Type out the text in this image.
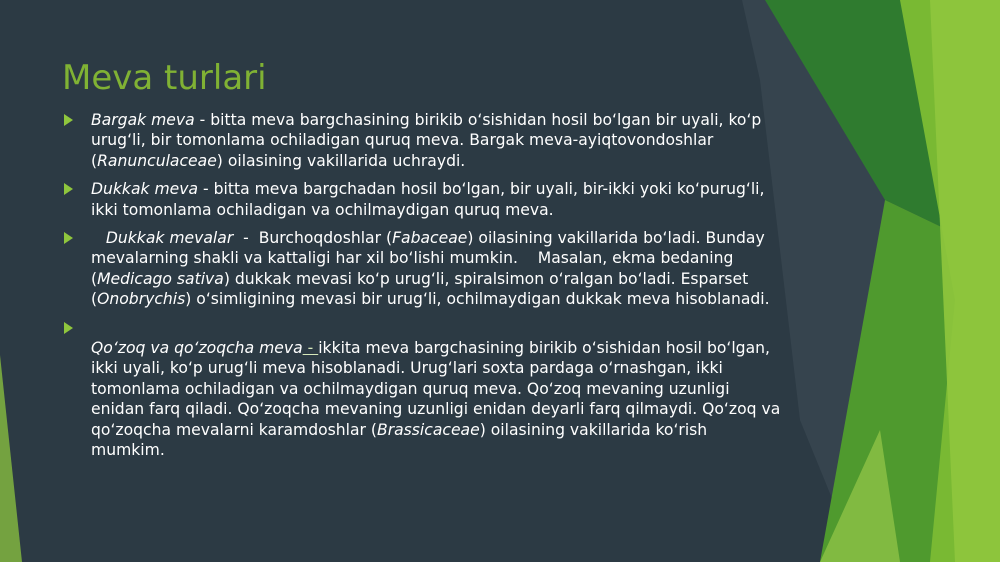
Meva turlari
Bargak meva - bitta meva bargchasining birikib o‘sishidan hosil bo‘lgan bir uyali, ko‘p urug‘li, bir tomonlama ochiladigan quruq meva. Bargak meva-ayiqtovondoshlar (Ranunculaceae) oilasining vakillarida uchraydi.
Dukkak meva - bitta meva bargchadan hosil bo‘lgan, bir uyali, bir-ikki yoki ko‘purug‘li, ikki tomonlama ochiladigan va ochilmaydigan quruq meva.
Dukkak mevalar  -  Burchoqdoshlar (Fabaceae) oilasining vakillarida bo‘ladi. Bunday mevalarning shakli va kattaligi har xil bo‘lishi mumkin.    Masalan, ekma bedaning (Medicago sativa) dukkak mevasi ko‘p urug‘li, spiralsimon o‘ralgan bo‘ladi. Esparset (Onobrychis) o‘simligining mevasi bir urug‘li, ochilmaydigan dukkak meva hisoblanadi.
Qo‘zoq va qo‘zoqcha meva - ikkita meva bargchasining birikib o‘sishidan hosil bo‘lgan, ikki uyali, ko‘p urug‘li meva hisoblanadi. Urug‘lari soxta pardaga o‘rnashgan, ikki tomonlama ochiladigan va ochilmaydigan quruq meva. Qo‘zoq mevaning uzunligi enidan farq qiladi. Qo‘zoqcha mevaning uzunligi enidan deyarli farq qilmaydi. Qo‘zoq va qo‘zoqcha mevalarni karamdoshlar (Brassicaceae) oilasining vakillarida ko‘rish mumkim.
